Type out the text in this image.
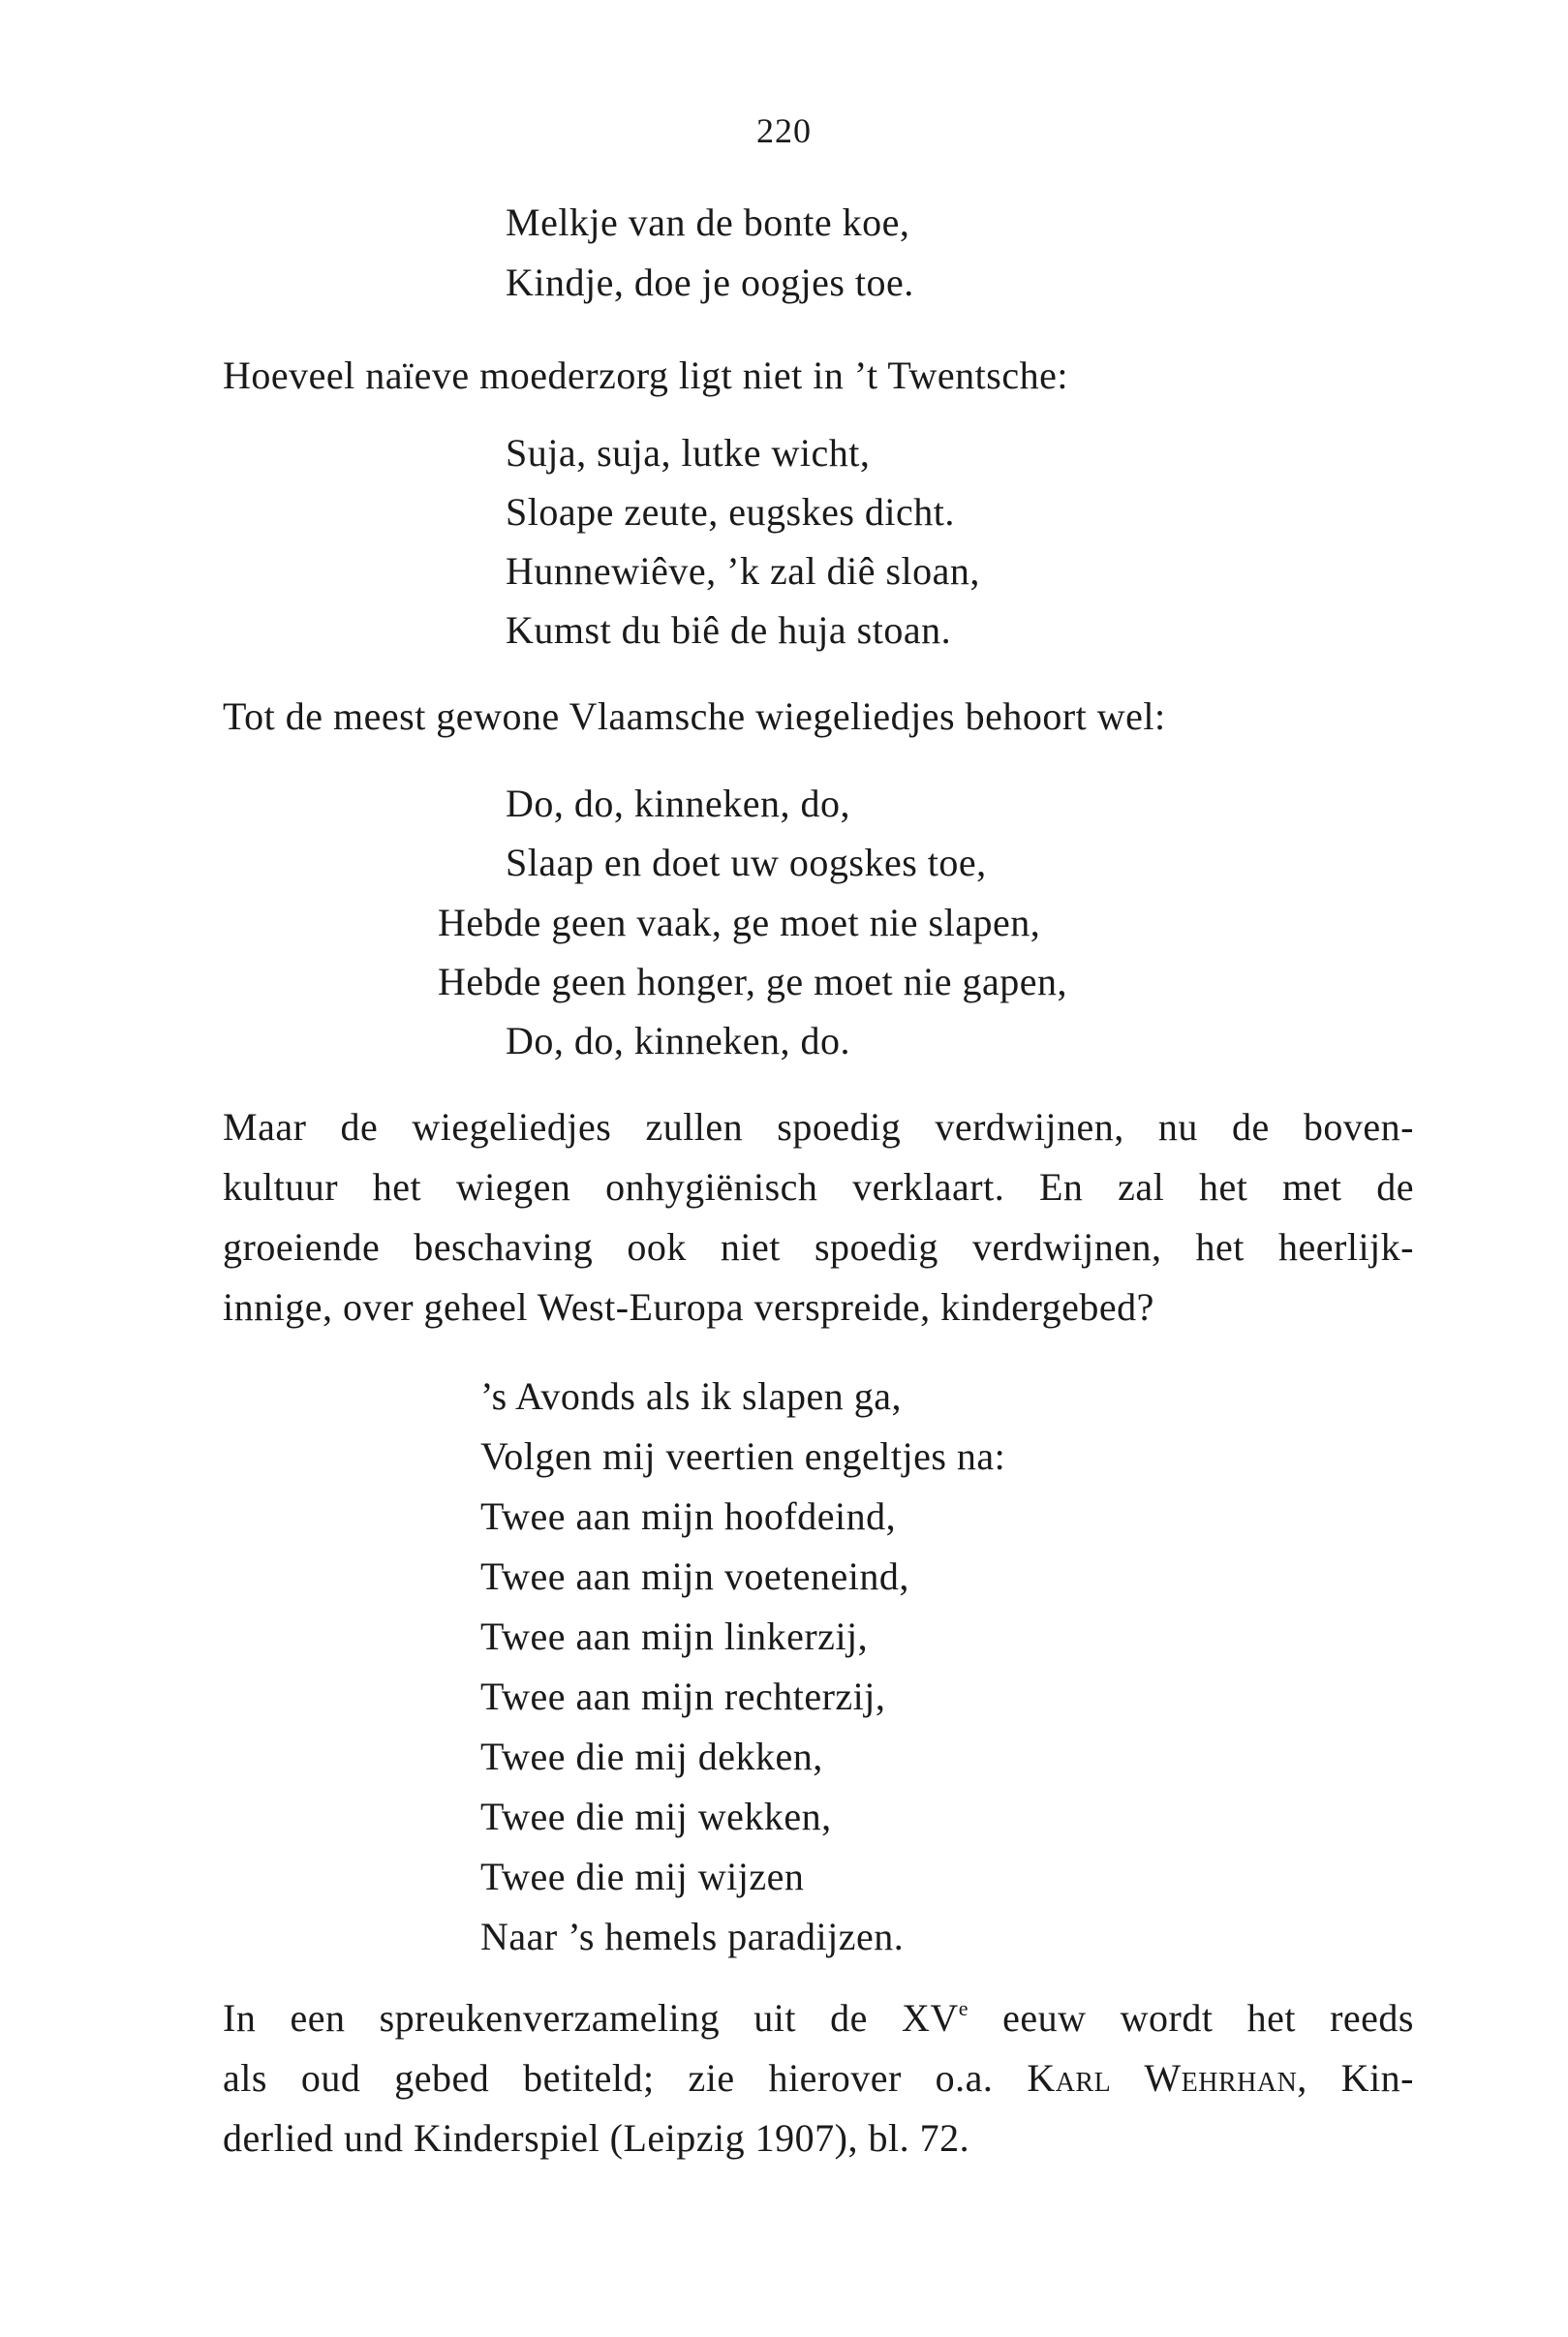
220
Melkje van de bonte koe,
Kindje, doe je oogjes toe.
Hoeveel naïeve moederzorg ligt niet in ’t Twentsche:
Suja, suja, lutke wicht,
Sloape zeute, eugskes dicht.
Hunnewiêve, ’k zal diê sloan,
Kumst du biê de huja stoan.
Tot de meest gewone Vlaamsche wiegeliedjes behoort wel:
Do, do, kinneken, do,
Slaap en doet uw oogskes toe,
Hebde geen vaak, ge moet nie slapen,
Hebde geen honger, ge moet nie gapen,
Do, do, kinneken, do.
Maar de wiegeliedjes zullen spoedig verdwijnen, nu de boven-
kultuur het wiegen onhygiënisch verklaart. En zal het met de
groeiende beschaving ook niet spoedig verdwijnen, het heerlijk-
innige, over geheel West-Europa verspreide, kindergebed?
’s Avonds als ik slapen ga,
Volgen mij veertien engeltjes na:
Twee aan mijn hoofdeind,
Twee aan mijn voeteneind,
Twee aan mijn linkerzij,
Twee aan mijn rechterzij,
Twee die mij dekken,
Twee die mij wekken,
Twee die mij wijzen
Naar ’s hemels paradijzen.
In een spreukenverzameling uit de XVe eeuw wordt het reeds
als oud gebed betiteld; zie hierover o.a. Karl Wehrhan, Kin-
derlied und Kinderspiel (Leipzig 1907), bl. 72.
